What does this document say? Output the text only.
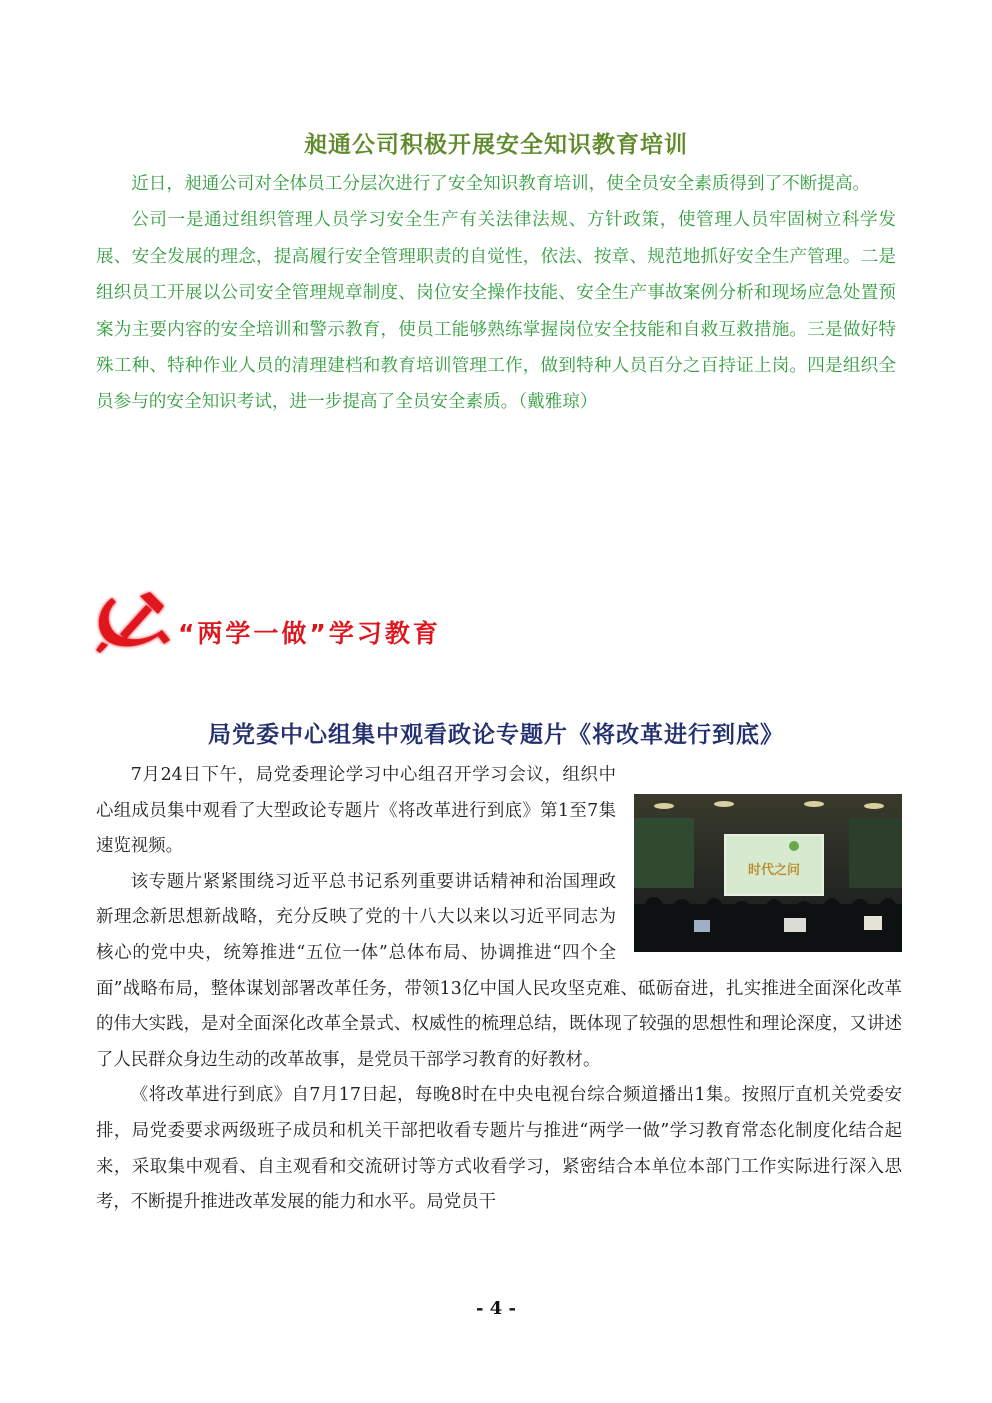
昶通公司积极开展安全知识教育培训

近日，昶通公司对全体员工分层次进行了安全知识教育培训，使全员安全素质得到了不断提高。

公司一是通过组织管理人员学习安全生产有关法律法规、方针政策，使管理人员牢固树立科学发展、安全发展的理念，提高履行安全管理职责的自觉性，依法、按章、规范地抓好安全生产管理。二是组织员工开展以公司安全管理规章制度、岗位安全操作技能、安全生产事故案例分析和现场应急处置预案为主要内容的安全培训和警示教育，使员工能够熟练掌握岗位安全技能和自救互救措施。三是做好特殊工种、特种作业人员的清理建档和教育培训管理工作，做到特种人员百分之百持证上岗。四是组织全员参与的安全知识考试，进一步提高了全员安全素质。（戴雅琼）

“两学一做”学习教育
局党委中心组集中观看政论专题片《将改革进行到底》
时代之问

7月24日下午，局党委理论学习中心组召开学习会议，组织中心组成员集中观看了大型政论专题片《将改革进行到底》第1至7集速览视频。

该专题片紧紧围绕习近平总书记系列重要讲话精神和治国理政新理念新思想新战略，充分反映了党的十八大以来以习近平同志为核心的党中央，统筹推进“五位一体”总体布局、协调推进“四个全面”战略布局，整体谋划部署改革任务，带领13亿中国人民攻坚克难、砥砺奋进，扎实推进全面深化改革的伟大实践，是对全面深化改革全景式、权威性的梳理总结，既体现了较强的思想性和理论深度，又讲述了人民群众身边生动的改革故事，是党员干部学习教育的好教材。

《将改革进行到底》自7月17日起，每晚8时在中央电视台综合频道播出1集。按照厅直机关党委安排，局党委要求两级班子成员和机关干部把收看专题片与推进“两学一做”学习教育常态化制度化结合起来，采取集中观看、自主观看和交流研讨等方式收看学习，紧密结合本单位本部门工作实际进行深入思考，不断提升推进改革发展的能力和水平。局党员干

- 4 -
